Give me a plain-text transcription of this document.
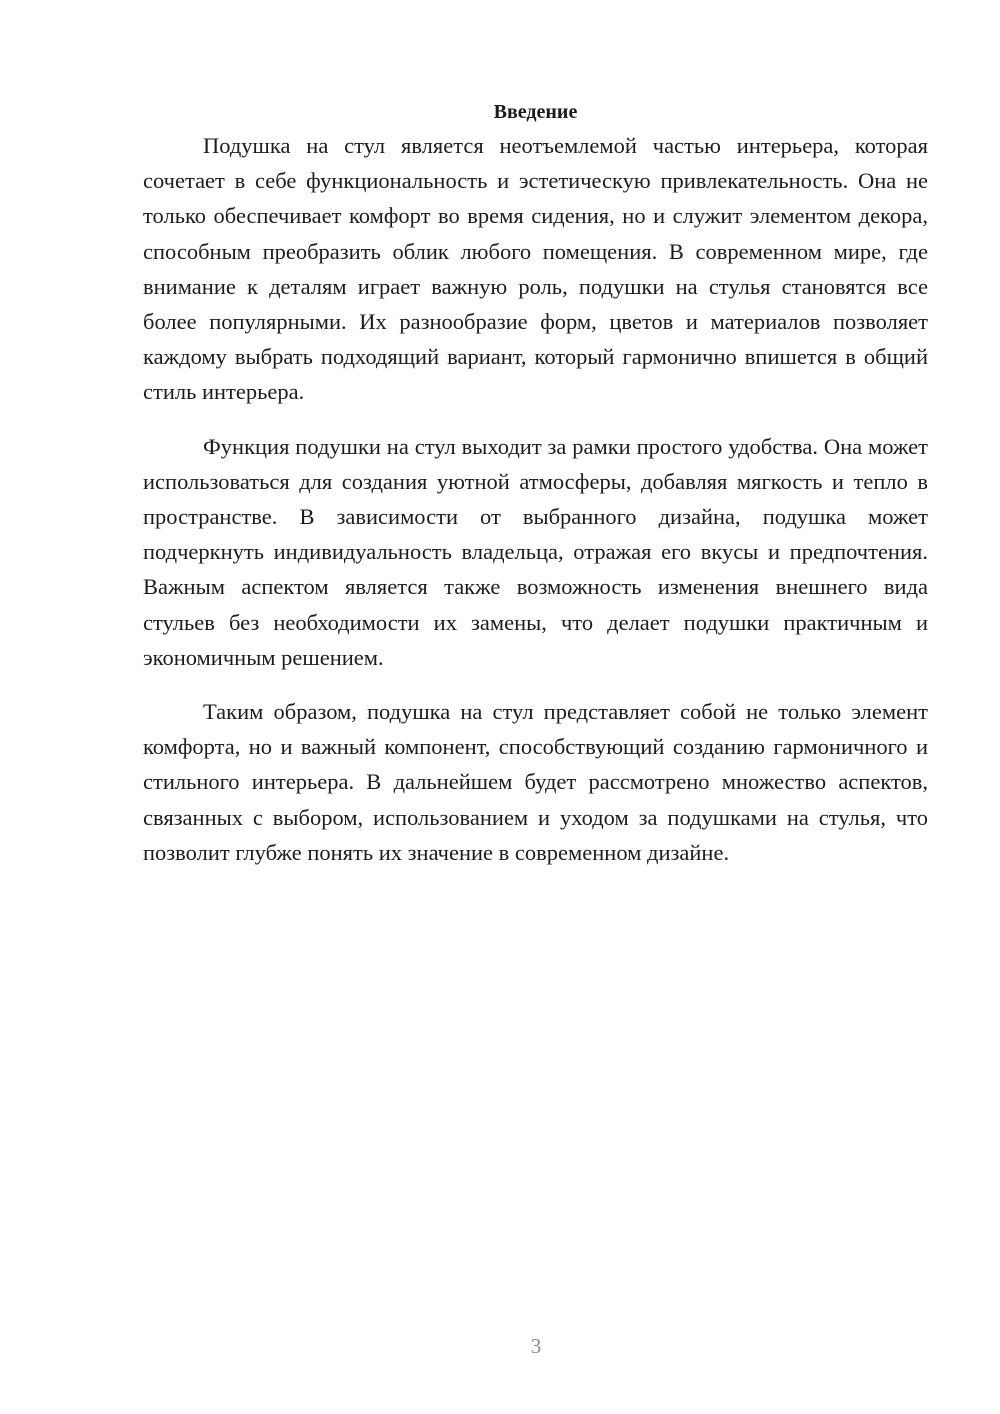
Введение

Подушка на стул является неотъемлемой частью интерьера, которая сочетает в себе функциональность и эстетическую привлекательность. Она не только обеспечивает комфорт во время сидения, но и служит элементом декора, способным преобразить облик любого помещения. В современном мире, где внимание к деталям играет важную роль, подушки на стулья становятся все более популярными. Их разнообразие форм, цветов и материалов позволяет каждому выбрать подходящий вариант, который гармонично впишется в общий стиль интерьера.

Функция подушки на стул выходит за рамки простого удобства. Она может использоваться для создания уютной атмосферы, добавляя мягкость и тепло в пространстве. В зависимости от выбранного дизайна, подушка может подчеркнуть индивидуальность владельца, отражая его вкусы и предпочтения. Важным аспектом является также возможность изменения внешнего вида стульев без необходимости их замены, что делает подушки практичным и экономичным решением.

Таким образом, подушка на стул представляет собой не только элемент комфорта, но и важный компонент, способствующий созданию гармоничного и стильного интерьера. В дальнейшем будет рассмотрено множество аспектов, связанных с выбором, использованием и уходом за подушками на стулья, что позволит глубже понять их значение в современном дизайне.

3
